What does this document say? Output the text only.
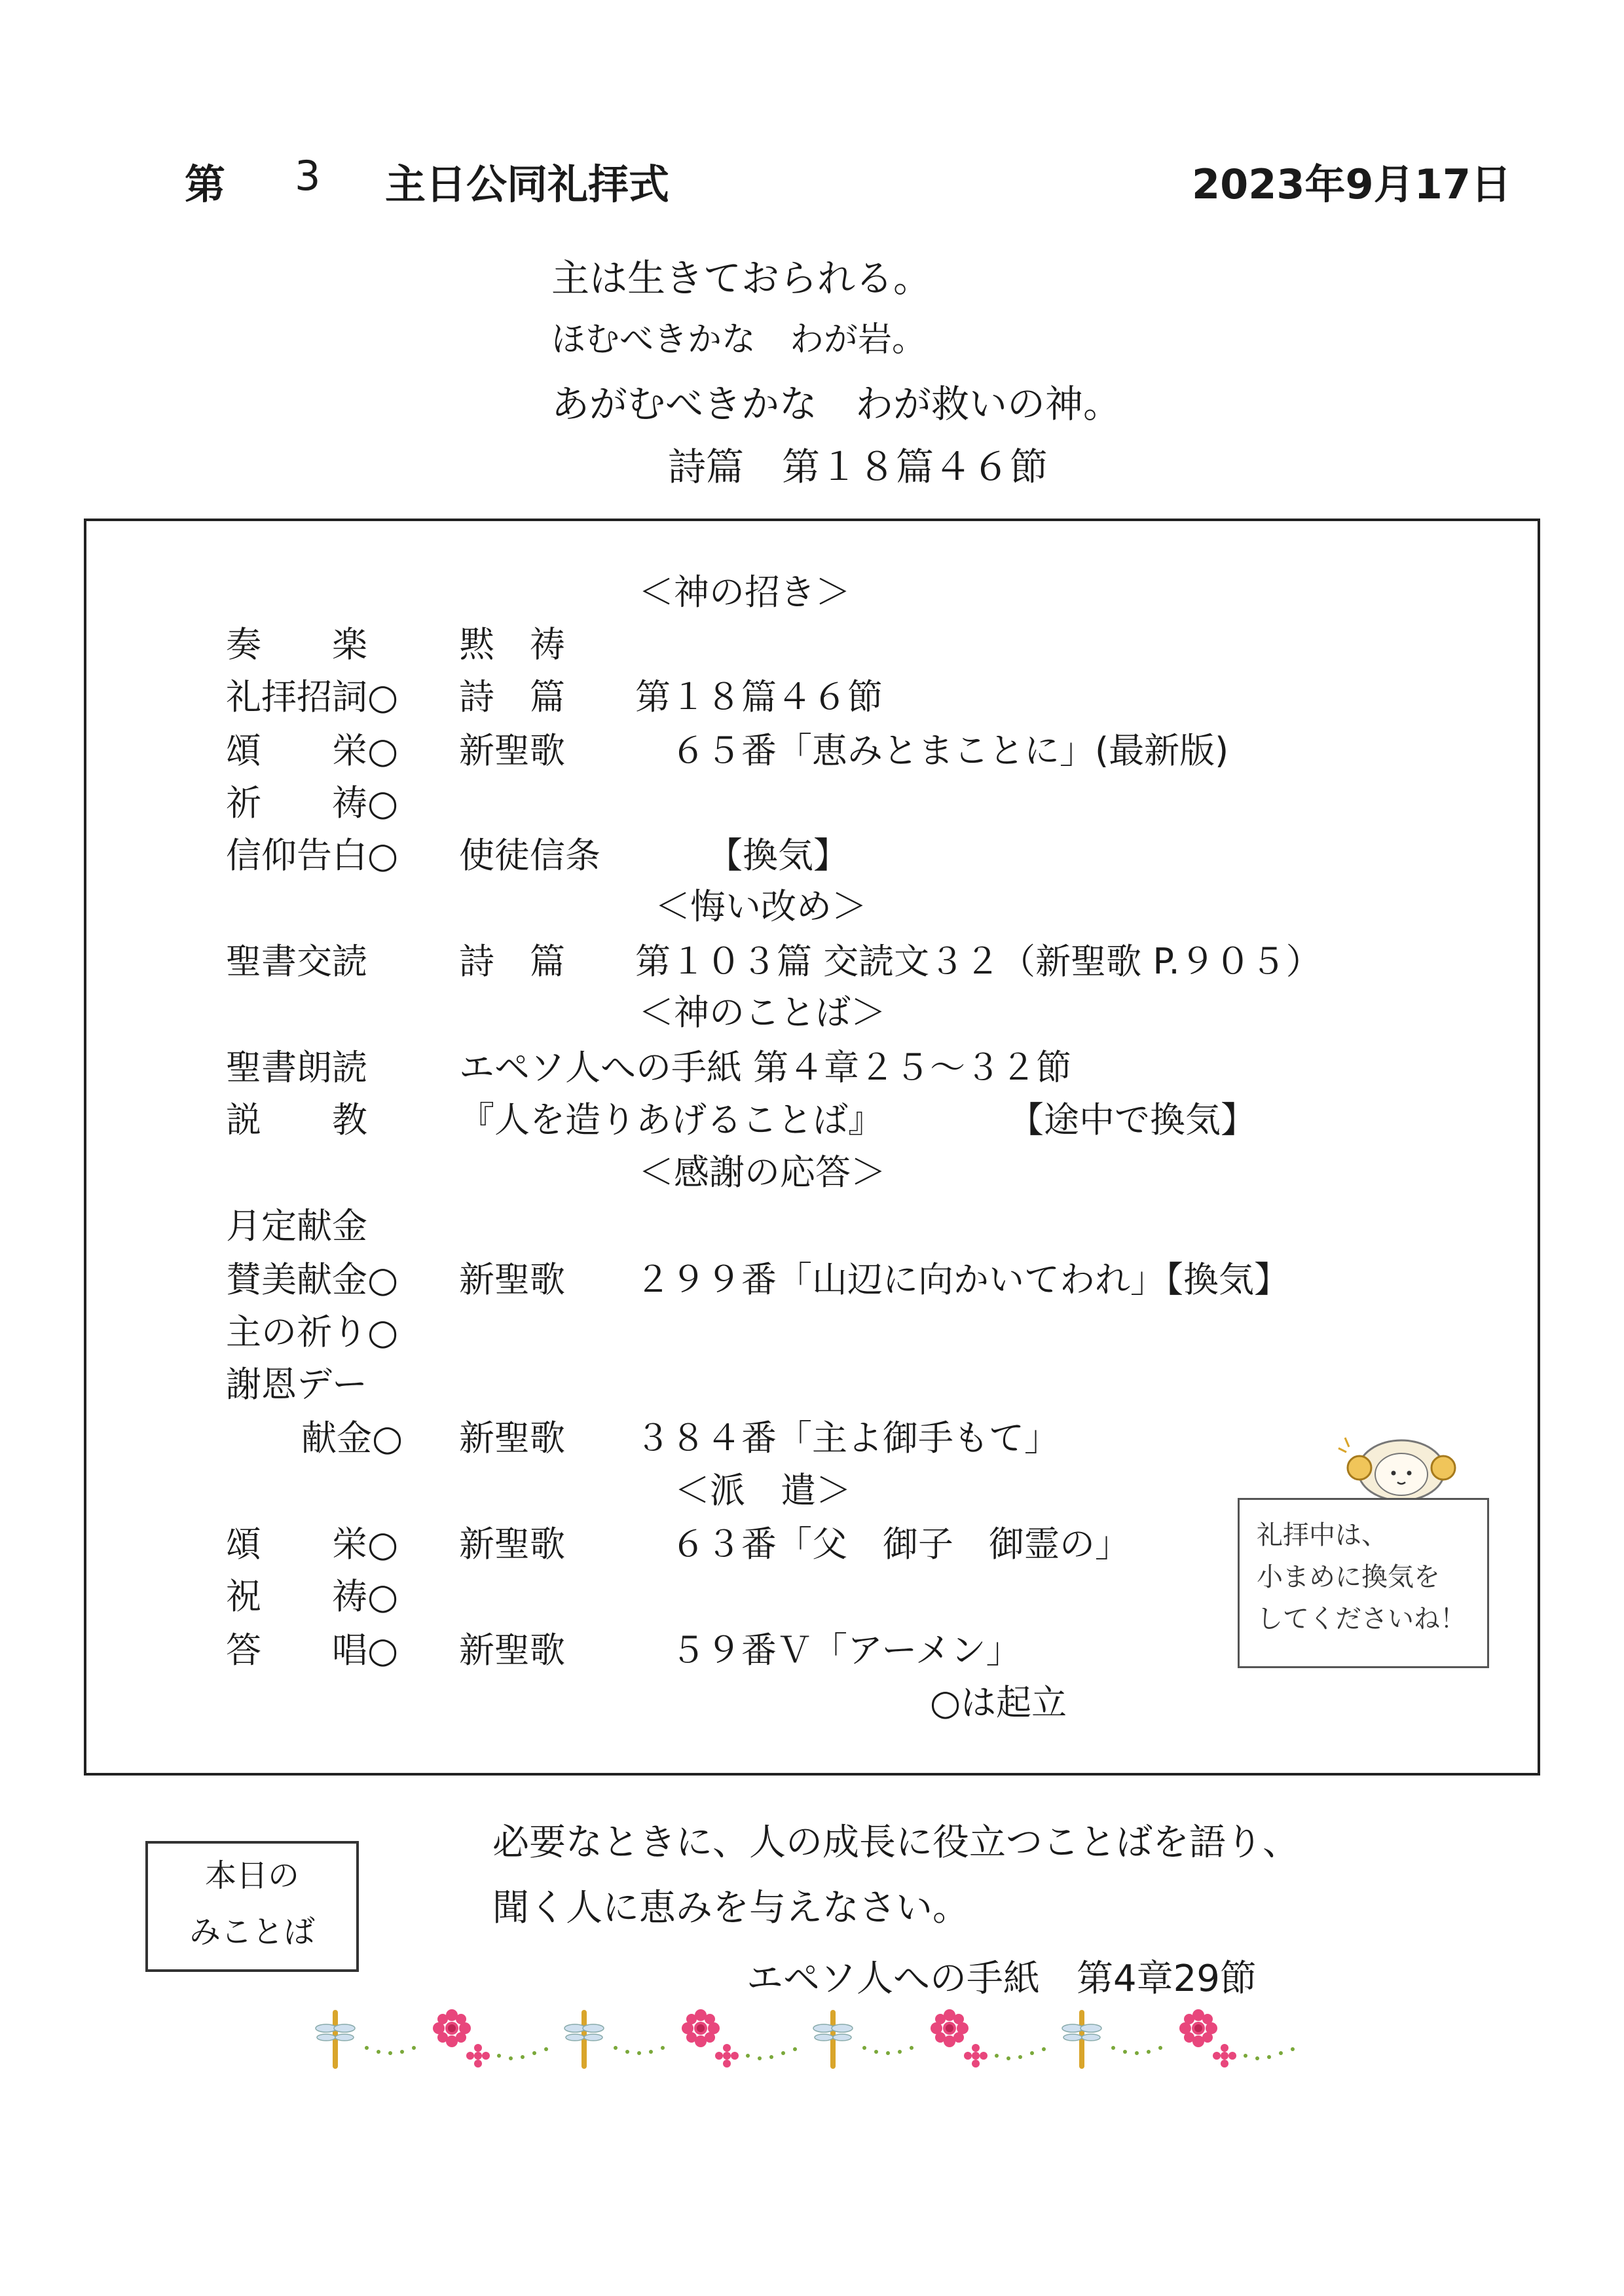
第 3 主日公同礼拝式	2023年9月17日
主は生きておられる。
ほむべきかな　わが岩。
あがむべきかな　わが救いの神。
詩篇　第１８篇４６節
＜神の招き＞
奏　　楽	黙　祷
礼拝招詞○ 詩　篇 第１８篇４６節
頌　　栄○ 新聖歌 　６５番「恵みとまことに」(最新版)
祈　　祷○
信仰告白○ 使徒信条	【換気】
＜悔い改め＞
聖書交読	詩　篇 第１０３篇 交読文３２（新聖歌 P.９０５）
＜神のことば＞
聖書朗読	エペソ人への手紙 第４章２５～３２節
説　　教	『人を造りあげることば』	【途中で換気】
＜感謝の応答＞
月定献金
賛美献金○ 新聖歌 ２９９番「山辺に向かいてわれ」【換気】
主の祈り○
謝恩デー
献金○ 新聖歌 ３８４番「主よ御手もて」
＜派　遣＞
頌　　栄○ 新聖歌 　６３番「父　御子　御霊の」
祝　　祷○
答　　唱○ 新聖歌 　５９番Ｖ「アーメン」
○は起立
礼拝中は、
小まめに換気を
してくださいね！
本日の
みことば
必要なときに、人の成長に役立つことばを語り、
聞く人に恵みを与えなさい。
エペソ人への手紙　第4章29節
